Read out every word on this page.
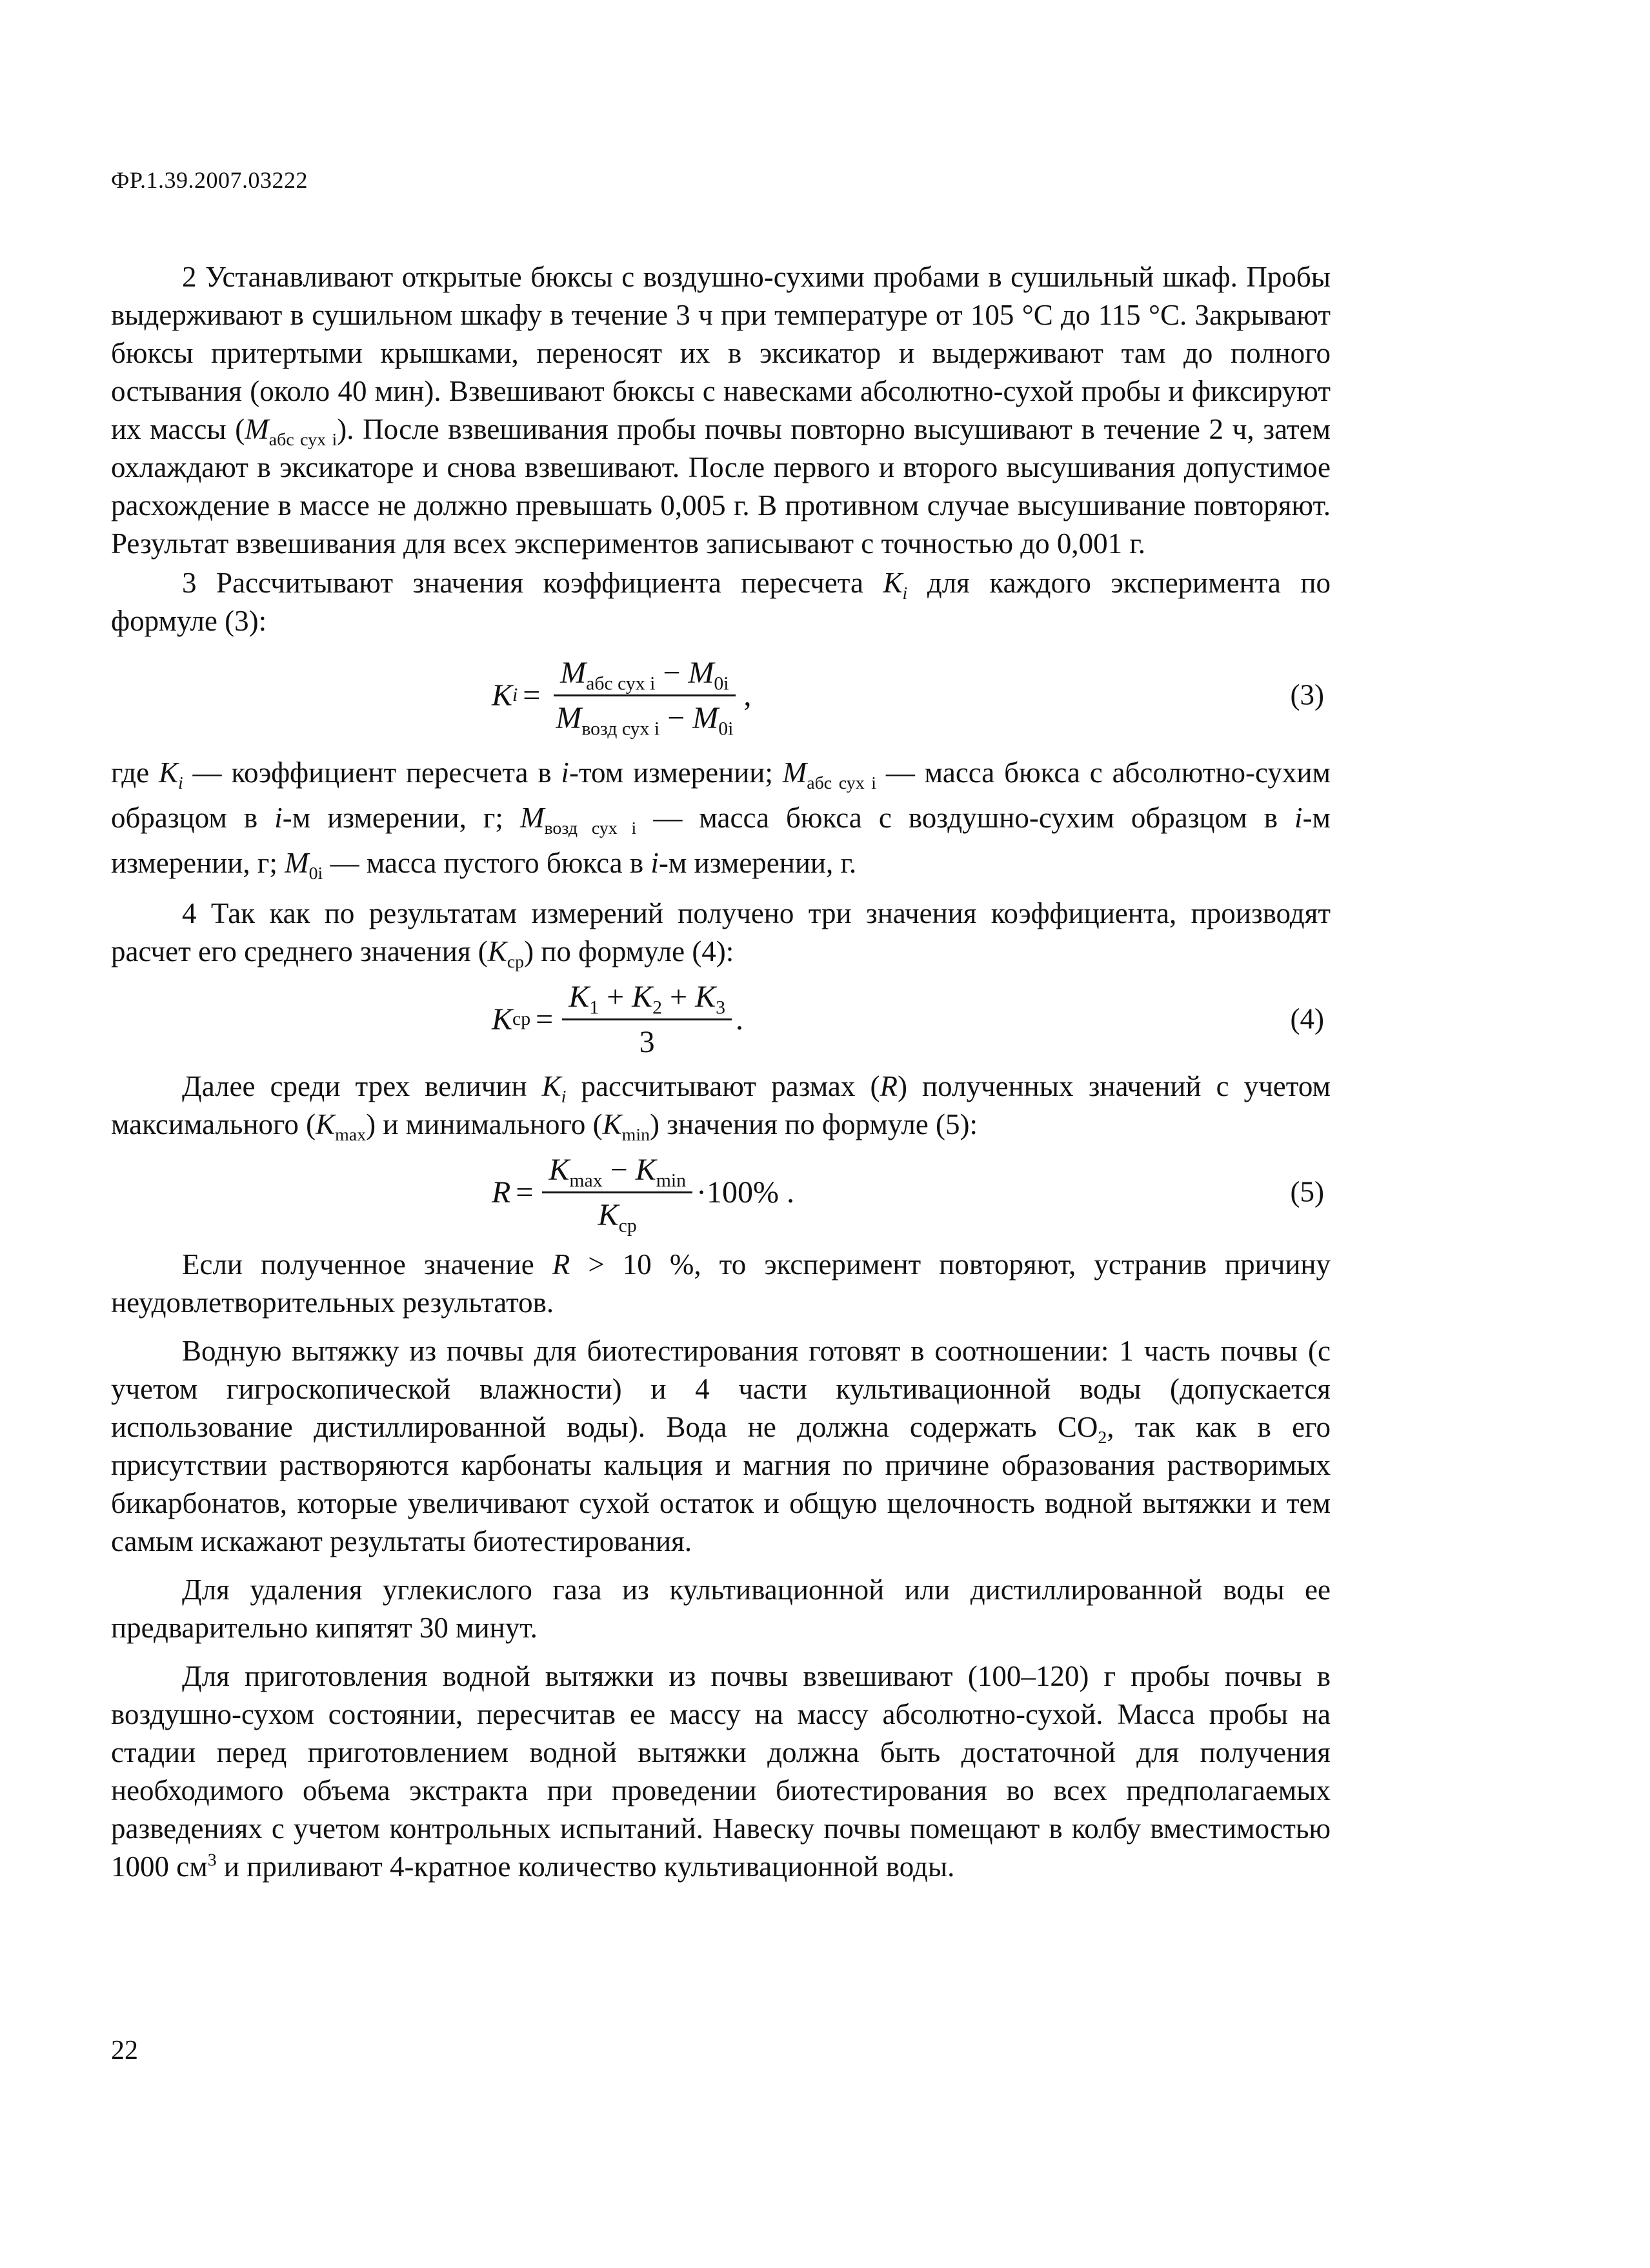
ФР.1.39.2007.03222

2 Устанавливают открытые бюксы с воздушно-сухими пробами в сушильный шкаф. Пробы выдерживают в сушильном шкафу в течение 3 ч при температуре от 105 °С до 115 °С. Закрывают бюксы притертыми крышками, переносят их в эксикатор и выдерживают там до полного остывания (около 40 мин). Взвешивают бюксы с навесками абсолютно-сухой пробы и фиксируют их массы $(M_{абс сух i})$. После взвешивания пробы почвы повторно высушивают в течение 2 ч, затем охлаждают в эксикаторе и снова взвешивают. После первого и второго высушивания допустимое расхождение в массе не должно превышать 0,005 г. В противном случае высушивание повторяют. Результат взвешивания для всех экспериментов записывают с точностью до 0,001 г.

3 Рассчитывают значения коэффициента пересчета $K_i$ для каждого эксперимента по формуле (3):

K $i = \frac{M_{абс сух i} - M_{0i}}{M_{возд сух i} - M_{0i}}$ ,	(3)

где $K_i$ — коэффициент пересчета в i-том измерении; $M_{абс сух i}$ — масса бюкса с абсолютно-сухим образцом в i-м измерении, г; $M_{возд сух i}$ — масса бюкса с воздушно-сухим образцом в i-м измерении, г; $M_{0i}$ — масса пустого бюкса в i-м измерении, г.

4 Так как по результатам измерений получено три значения коэффициента, производят расчет его среднего значения $(K_{ср})$ по формуле (4):

K ср = $\frac{K_1 + K_2 + K_3}{3}$ .	(4)

Далее среди трех величин $K_i$ рассчитывают размах (R) полученных значений с учетом максимального $(K_{max})$ и минимального $(K_{min})$ значения по формуле (5):

$R = \frac{K_{max} - K_{min}}{K_{ср}} \cdot 100\%$ .	(5)

Если полученное значение R > 10 %, то эксперимент повторяют, устранив причину неудовлетворительных результатов.

Водную вытяжку из почвы для биотестирования готовят в соотношении: 1 часть почвы (с учетом гигроскопической влажности) и 4 части культивационной воды (допускается использование дистиллированной воды). Вода не должна содержать $СО_2$, так как в его присутствии растворяются карбонаты кальция и магния по причине образования растворимых бикарбонатов, которые увеличивают сухой остаток и общую щелочность водной вытяжки и тем самым искажают результаты биотестирования.

Для удаления углекислого газа из культивационной или дистиллированной воды ее предварительно кипятят 30 минут.

Для приготовления водной вытяжки из почвы взвешивают (100–120) г пробы почвы в воздушно-сухом состоянии, пересчитав ее массу на массу абсолютно-сухой. Масса пробы на стадии перед приготовлением водной вытяжки должна быть достаточной для получения необходимого объема экстракта при проведении биотестирования во всех предполагаемых разведениях с учетом контрольных испытаний. Навеску почвы помещают в колбу вместимостью 1000 $см^3$ и приливают 4-кратное количество культивационной воды.

22
